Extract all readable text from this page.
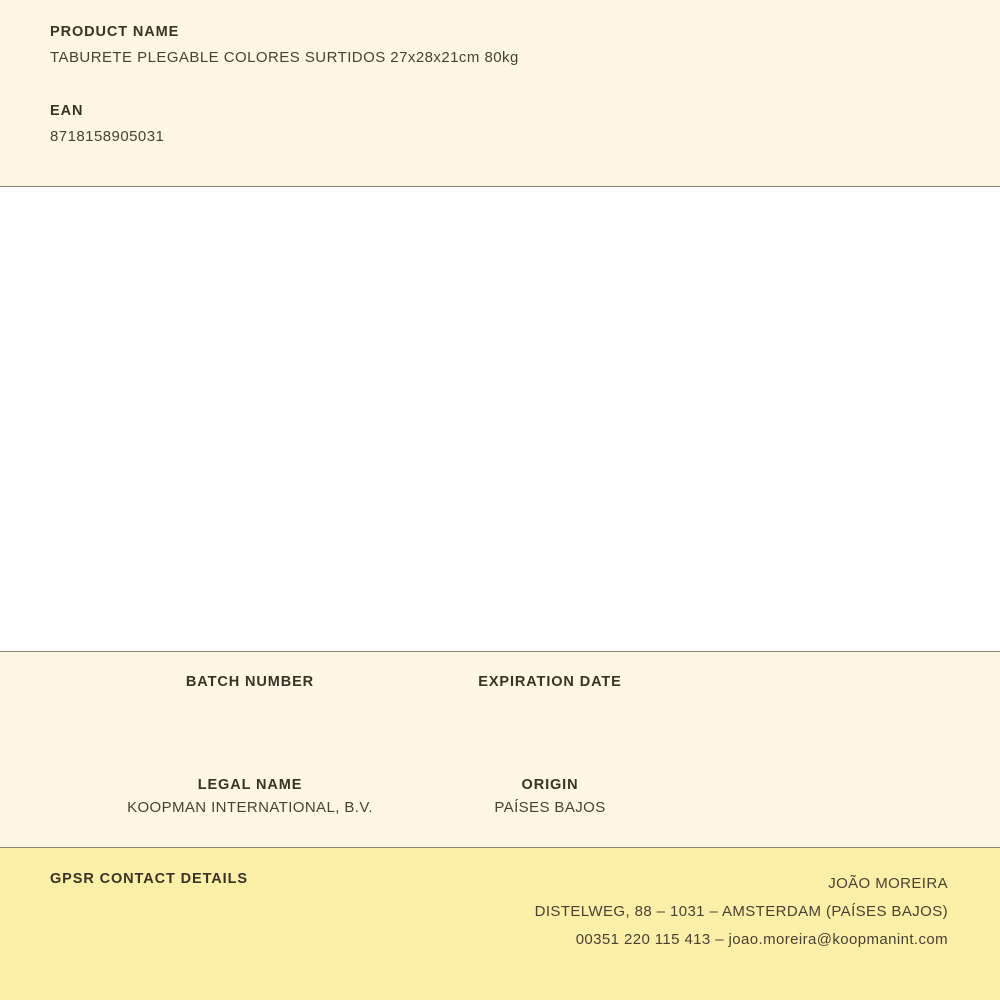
PRODUCT NAME

TABURETE PLEGABLE COLORES SURTIDOS 27x28x21cm 80kg

EAN

8718158905031

BATCH NUMBER	EXPIRATION DATE

LEGAL NAME

KOOPMAN INTERNATIONAL, B.V.

ORIGIN

PAÍSES BAJOS

GPSR CONTACT DETAILS	JOÃO MOREIRA
DISTELWEG, 88 – 1031 – AMSTERDAM (PAÍSES BAJOS)
00351 220 115 413 – joao.moreira@koopmanint.com
